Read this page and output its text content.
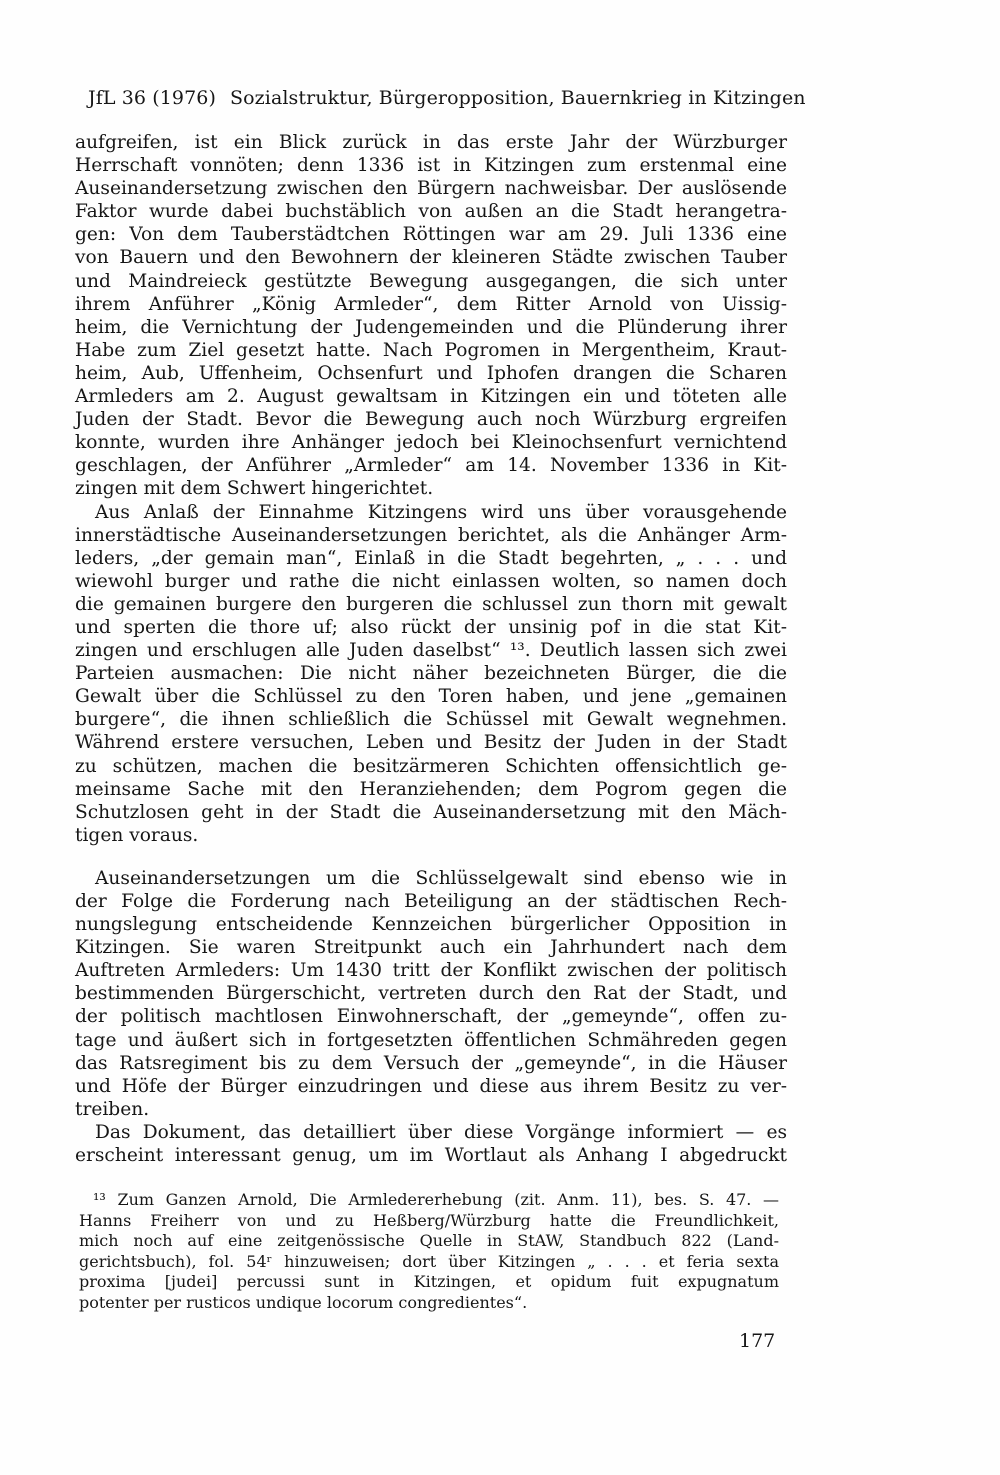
JfL 36 (1976) Sozialstruktur, Bürgeropposition, Bauernkrieg in Kitzingen
aufgreifen, ist ein Blick zurück in das erste Jahr der Würzburger
Herrschaft vonnöten; denn 1336 ist in Kitzingen zum erstenmal eine
Auseinandersetzung zwischen den Bürgern nachweisbar. Der auslösende
Faktor wurde dabei buchstäblich von außen an die Stadt herangetra-
gen: Von dem Tauberstädtchen Röttingen war am 29. Juli 1336 eine
von Bauern und den Bewohnern der kleineren Städte zwischen Tauber
und Maindreieck gestützte Bewegung ausgegangen, die sich unter
ihrem Anführer „König Armleder“, dem Ritter Arnold von Uissig-
heim, die Vernichtung der Judengemeinden und die Plünderung ihrer
Habe zum Ziel gesetzt hatte. Nach Pogromen in Mergentheim, Kraut-
heim, Aub, Uffenheim, Ochsenfurt und Iphofen drangen die Scharen
Armleders am 2. August gewaltsam in Kitzingen ein und töteten alle
Juden der Stadt. Bevor die Bewegung auch noch Würzburg ergreifen
konnte, wurden ihre Anhänger jedoch bei Kleinochsenfurt vernichtend
geschlagen, der Anführer „Armleder“ am 14. November 1336 in Kit-
zingen mit dem Schwert hingerichtet.
Aus Anlaß der Einnahme Kitzingens wird uns über vorausgehende
innerstädtische Auseinandersetzungen berichtet, als die Anhänger Arm-
leders, „der gemain man“, Einlaß in die Stadt begehrten, „ . . . und
wiewohl burger und rathe die nicht einlassen wolten, so namen doch
die gemainen burgere den burgeren die schlussel zun thorn mit gewalt
und sperten die thore uf; also rückt der unsinig pof in die stat Kit-
zingen und erschlugen alle Juden daselbst“ ¹³. Deutlich lassen sich zwei
Parteien ausmachen: Die nicht näher bezeichneten Bürger, die die
Gewalt über die Schlüssel zu den Toren haben, und jene „gemainen
burgere“, die ihnen schließlich die Schüssel mit Gewalt wegnehmen.
Während erstere versuchen, Leben und Besitz der Juden in der Stadt
zu schützen, machen die besitzärmeren Schichten offensichtlich ge-
meinsame Sache mit den Heranziehenden; dem Pogrom gegen die
Schutzlosen geht in der Stadt die Auseinandersetzung mit den Mäch-
tigen voraus.
Auseinandersetzungen um die Schlüsselgewalt sind ebenso wie in
der Folge die Forderung nach Beteiligung an der städtischen Rech-
nungslegung entscheidende Kennzeichen bürgerlicher Opposition in
Kitzingen. Sie waren Streitpunkt auch ein Jahrhundert nach dem
Auftreten Armleders: Um 1430 tritt der Konflikt zwischen der politisch
bestimmenden Bürgerschicht, vertreten durch den Rat der Stadt, und
der politisch machtlosen Einwohnerschaft, der „gemeynde“, offen zu-
tage und äußert sich in fortgesetzten öffentlichen Schmähreden gegen
das Ratsregiment bis zu dem Versuch der „gemeynde“, in die Häuser
und Höfe der Bürger einzudringen und diese aus ihrem Besitz zu ver-
treiben.
Das Dokument, das detailliert über diese Vorgänge informiert — es
erscheint interessant genug, um im Wortlaut als Anhang I abgedruckt
¹³ Zum Ganzen Arnold, Die Armledererhebung (zit. Anm. 11), bes. S. 47. —
Hanns Freiherr von und zu Heßberg/Würzburg hatte die Freundlichkeit,
mich noch auf eine zeitgenössische Quelle in StAW, Standbuch 822 (Land-
gerichtsbuch), fol. 54ʳ hinzuweisen; dort über Kitzingen „ . . . et feria sexta
proxima [judei] percussi sunt in Kitzingen, et opidum fuit expugnatum
potenter per rusticos undique locorum congredientes“.
177
